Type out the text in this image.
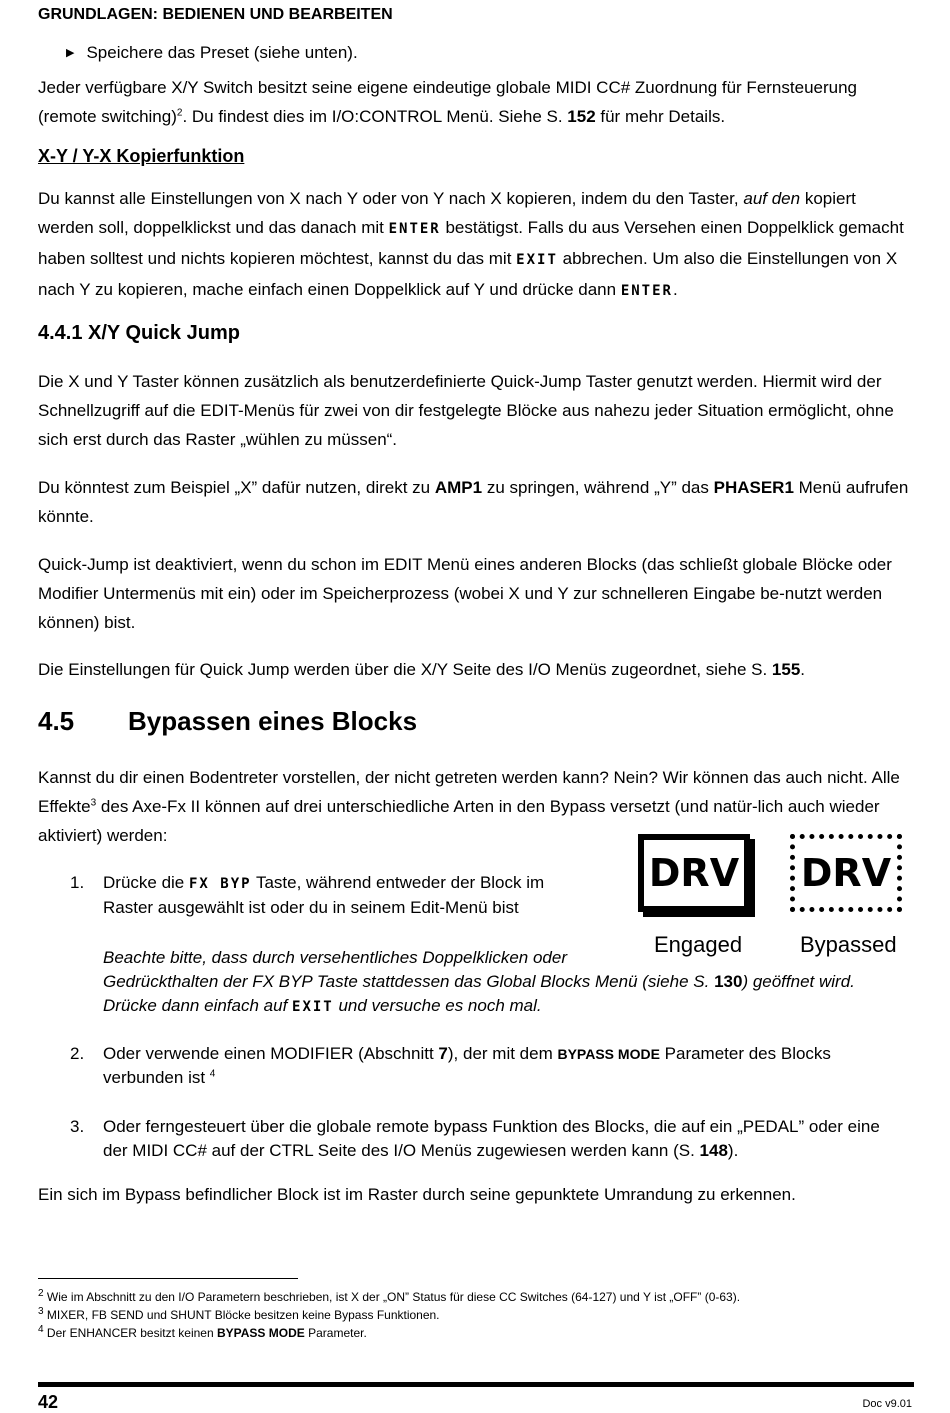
GRUNDLAGEN: BEDIENEN UND BEARBEITEN
▶ Speichere das Preset (siehe unten).
Jeder verfügbare X/Y Switch besitzt seine eigene eindeutige globale MIDI CC# Zuordnung für Fernsteuerung (remote switching)$^2$. Du findest dies im I/O:CONTROL Menü. Siehe S. 152 für mehr Details.
X-Y / Y-X Kopierfunktion
Du kannst alle Einstellungen von X nach Y oder von Y nach X kopieren, indem du den Taster, auf den kopiert werden soll, doppelklickst und das danach mit ENTER bestätigst. Falls du aus Versehen einen Doppelklick gemacht haben solltest und nichts kopieren möchtest, kannst du das mit EXIT abbrechen. Um also die Einstellungen von X nach Y zu kopieren, mache einfach einen Doppelklick auf Y und drücke dann ENTER.
4.4.1 X/Y Quick Jump
Die X und Y Taster können zusätzlich als benutzerdefinierte Quick-Jump Taster genutzt werden. Hiermit wird der Schnellzugriff auf die EDIT-Menüs für zwei von dir festgelegte Blöcke aus nahezu jeder Situation ermöglicht, ohne sich erst durch das Raster „wühlen zu müssen“.
Du könntest zum Beispiel „X” dafür nutzen, direkt zu AMP1 zu springen, während „Y” das PHASER1 Menü aufrufen könnte.
Quick-Jump ist deaktiviert, wenn du schon im EDIT Menü eines anderen Blocks (das schließt globale Blöcke oder Modifier Untermenüs mit ein) oder im Speicherprozess (wobei X und Y zur schnelleren Eingabe be-nutzt werden können) bist.
Die Einstellungen für Quick Jump werden über die X/Y Seite des I/O Menüs zugeordnet, siehe S. 155.
4.5 Bypassen eines Blocks
Kannst du dir einen Bodentreter vorstellen, der nicht getreten werden kann? Nein? Wir können das auch nicht. Alle Effekte$^3$ des Axe-Fx II können auf drei unterschiedliche Arten in den Bypass versetzt (und natür-lich auch wieder aktiviert) werden:
DRV DRV
Engaged	Bypassed
1. Drücke die FX BYP Taste, während entweder der Block im
Raster ausgewählt ist oder du in seinem Edit-Menü bist
Beachte bitte, dass durch versehentliches Doppelklicken oder
Gedrückthalten der FX BYP Taste stattdessen das Global Blocks Menü (siehe S. 130) geöffnet wird.
Drücke dann einfach auf EXIT und versuche es noch mal.
2. Oder verwende einen MODIFIER (Abschnitt 7), der mit dem BYPASS MODE Parameter des Blocks verbunden ist $^4$
3. Oder ferngesteuert über die globale remote bypass Funktion des Blocks, die auf ein „PEDAL” oder eine der MIDI CC# auf der CTRL Seite des I/O Menüs zugewiesen werden kann (S. 148).
Ein sich im Bypass befindlicher Block ist im Raster durch seine gepunktete Umrandung zu erkennen.
$^2$ Wie im Abschnitt zu den I/O Parametern beschrieben, ist X der „ON” Status für diese CC Switches (64-127) und Y ist „OFF” (0-63).
$^3$ MIXER, FB SEND und SHUNT Blöcke besitzen keine Bypass Funktionen.
$^4$ Der ENHANCER besitzt keinen BYPASS MODE Parameter.
42	Doc v9.01
